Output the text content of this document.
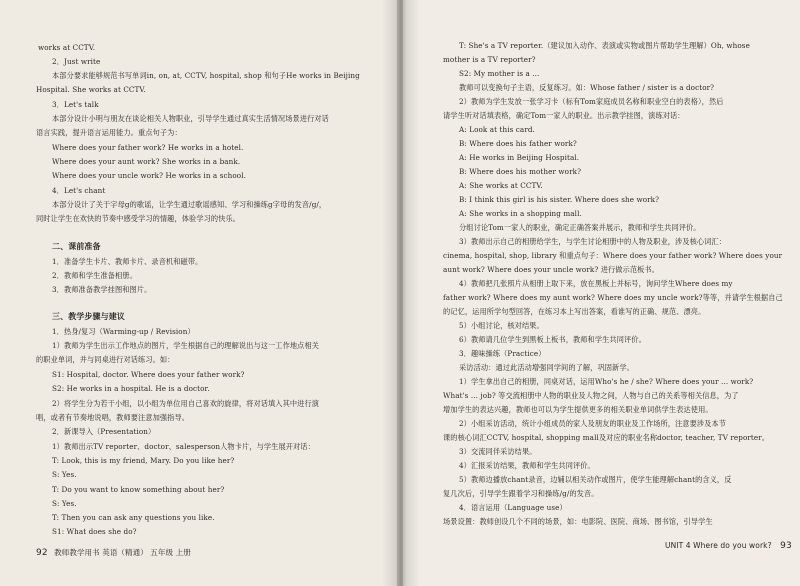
works at CCTV.
2．Just write
本部分要求能够规范书写单词in, on, at, CCTV, hospital, shop 和句子He works in Beijing
Hospital. She works at CCTV.
3．Let's talk
本部分设计小明与朋友在谈论相关人物职业，引导学生通过真实生活情况场景进行对话
语言实践，提升语言运用能力。重点句子为：
Where does your father work? He works in a hotel.
Where does your aunt work? She works in a bank.
Where does your uncle work? He works in a school.
4．Let's chant
本部分设计了关于字母g的歌谣，让学生通过歌谣感知、学习和操练g字母的发音/g/，
同时让学生在欢快的节奏中感受学习的情趣，体验学习的快乐。
二、课前准备
1．准备学生卡片、教师卡片、录音机和磁带。
2．教师和学生准备相册。
3．教师准备教学挂图和图片。
三、教学步骤与建议
1．热身/复习（Warming-up / Revision）
1）教师为学生出示工作地点的图片，学生根据自己的理解说出与这一工作地点相关
的职业单词，并与同桌进行对话练习。如：
S1: Hospital, doctor. Where does your father work?
S2: He works in a hospital. He is a doctor.
2）将学生分为若干小组，以小组为单位用自己喜欢的旋律，将对话填入其中进行演
唱，或者有节奏地说唱，教师要注意加强指导。
2．新课导入（Presentation）
1）教师出示TV reporter、doctor、salesperson人物卡片，与学生展开对话：
T: Look, this is my friend, Mary. Do you like her?
S: Yes.
T: Do you want to know something about her?
S: Yes.
T: Then you can ask any questions you like.
S1: What does she do?
92 教师教学用书 英语（精通） 五年级 上册
T: She's a TV reporter.（建议加入动作、表演或实物或图片帮助学生理解）Oh, whose
mother is a TV reporter?
S2: My mother is a ...
教师可以变换句子主语，反复练习。如：Whose father / sister is a doctor?
2）教师为学生发放一张学习卡（标有Tom家庭成员名称和职业空白的表格），然后
请学生听对话填表格，确定Tom一家人的职业。出示教学挂图，演练对话：
A: Look at this card.
B: Where does his father work?
A: He works in Beijing Hospital.
B: Where does his mother work?
A: She works at CCTV.
B: I think this girl is his sister. Where does she work?
A: She works in a shopping mall.
分组讨论Tom一家人的职业，确定正确答案并展示，教师和学生共同评价。
3）教师出示自己的相册给学生，与学生讨论相册中的人物及职业，涉及核心词汇：
cinema, hospital, shop, library 和重点句子：Where does your father work? Where does your
aunt work? Where does your uncle work? 进行做示范板书。
4）教师把几张照片从相册上取下来，放在黑板上并标号，询问学生Where does my
father work? Where does my aunt work? Where does my uncle work?等等，并请学生根据自己
的记忆，运用所学句型回答，在练习本上写出答案，看谁写的正确、规范、漂亮。
5）小组讨论，核对结果。
6）教师请几位学生到黑板上板书，教师和学生共同评价。
3．趣味操练（Practice）
采访活动：通过此活动增强同学间的了解，巩固新学。
1）学生拿出自己的相册，同桌对话，运用Who's he / she? Where does your ... work?
What's ... job? 等交流相册中人物的职业及人物之间，人物与自己的关系等相关信息，为了
增加学生的表达兴趣，教师也可以为学生提供更多的相关职业单词供学生表达使用。
2）小组采访活动，统计小组成员的家人及朋友的职业及工作场所，注意要涉及本节
课的核心词汇CCTV, hospital, shopping mall及对应的职业名称doctor, teacher, TV reporter。
3）交流同伴采访结果。
4）汇报采访结果，教师和学生共同评价。
5）教师边播放chant录音，边辅以相关动作或图片，使学生能理解chant的含义，反
复几次后，引导学生跟着学习和操练/g/的发音。
4．语言运用（Language use）
场景设置：教师创设几个不同的场景，如：电影院、医院、商场、图书馆，引导学生
UNIT 4 Where do you work? 93
